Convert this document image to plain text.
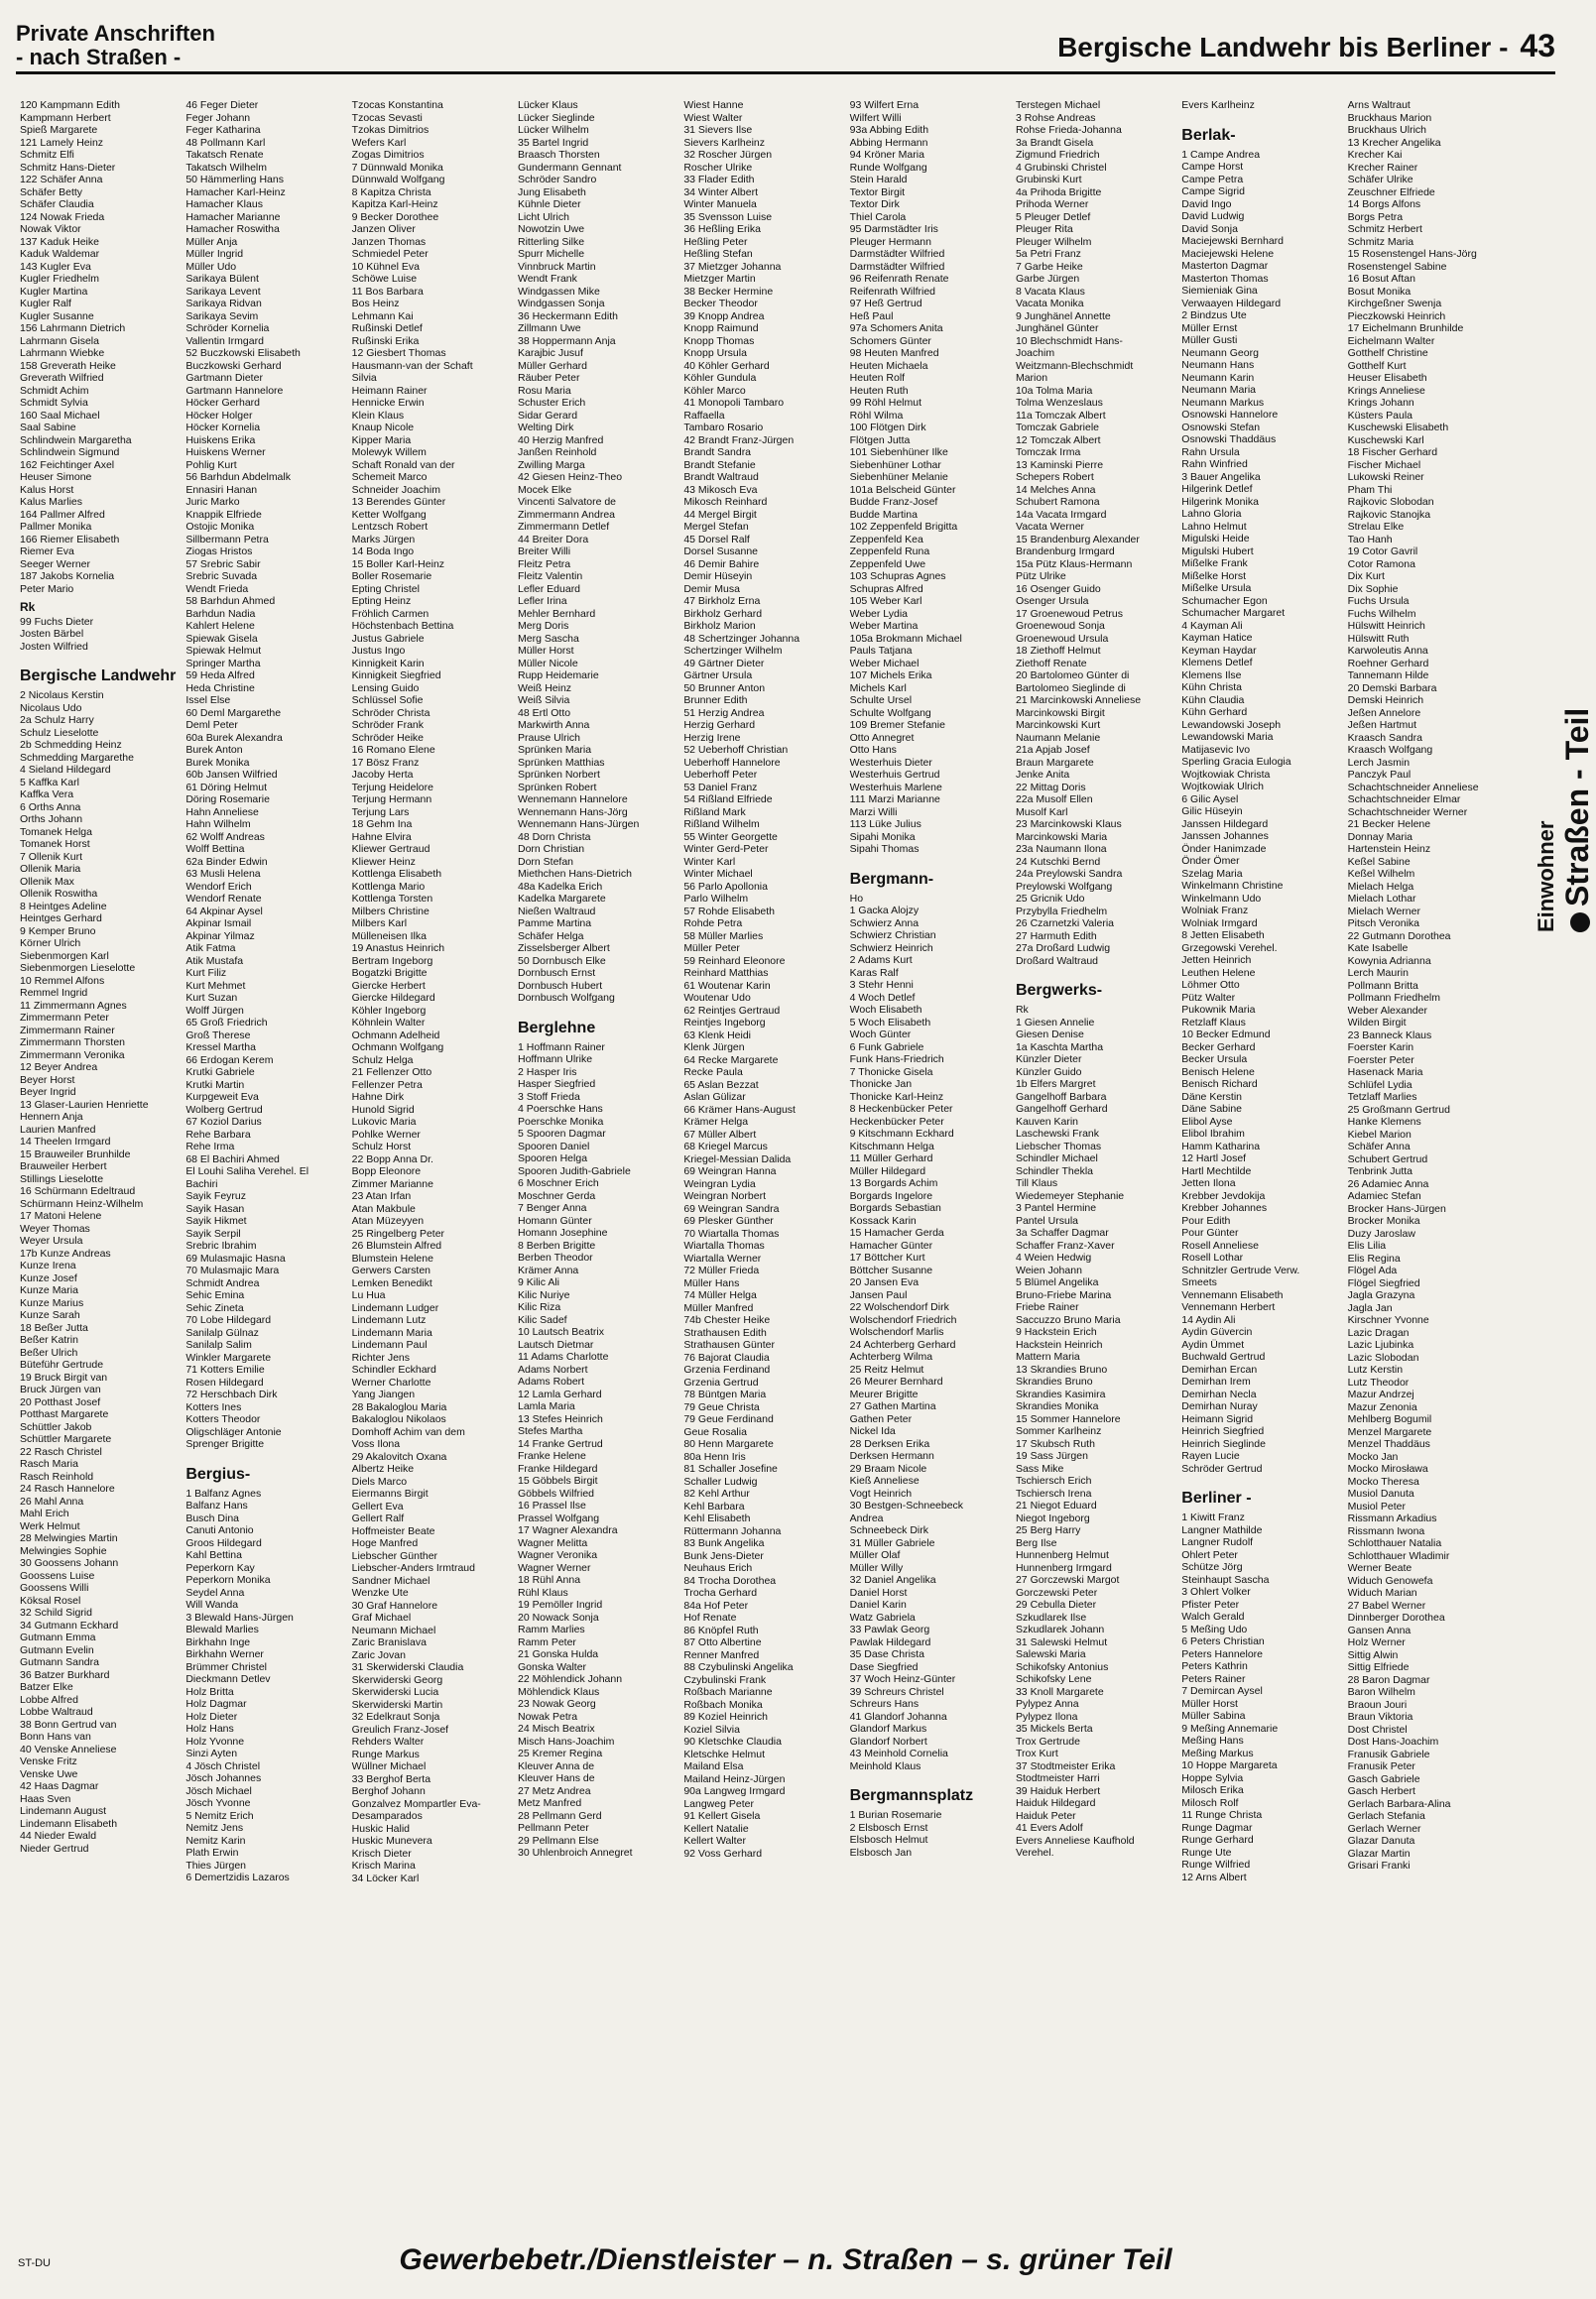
Private Anschriften
- nach Straßen -	Bergische Landwehr bis Berliner - 43
120 Kampmann Edith
Kampmann Herbert
Spieß Margarete
121 Lamely Heinz
Schmitz Elfi
Schmitz Hans-Dieter
122 Schäfer Anna
Schäfer Betty
Schäfer Claudia
124 Nowak Frieda
Nowak Viktor
137 Kaduk Heike
Kaduk Waldemar
143 Kugler Eva
Kugler Friedhelm
Kugler Martina
Kugler Ralf
Kugler Susanne
156 Lahrmann Dietrich
Lahrmann Gisela
Lahrmann Wiebke
158 Greverath Heike
Greverath Wilfried
Schmidt Achim
Schmidt Sylvia
160 Saal Michael
Saal Sabine
Schlindwein Margaretha
Schlindwein Sigmund
162 Feichtinger Axel
Heuser Simone
Kalus Horst
Kalus Marlies
164 Pallmer Alfred
Pallmer Monika
166 Riemer Elisabeth
Riemer Eva
Seeger Werner
187 Jakobs Kornelia
Peter Mario
Rk
99 Fuchs Dieter
Josten Bärbel
Josten Wilfried
Bergische Landwehr
2 Nicolaus Kerstin
Nicolaus Udo
2a Schulz Harry
Schulz Lieselotte
2b Schmedding Heinz
Schmedding Margarethe
4 Sieland Hildegard
5 Kaffka Karl
Kaffka Vera
6 Orths Anna
Orths Johann
Tomanek Helga
Tomanek Horst
7 Ollenik Kurt
Ollenik Maria
Ollenik Max
Ollenik Roswitha
8 Heintges Adeline
Heintges Gerhard
9 Kemper Bruno
Körner Ulrich
Siebenmorgen Karl
Siebenmorgen Lieselotte
10 Remmel Alfons
Remmel Ingrid
11 Zimmermann Agnes
Zimmermann Peter
Zimmermann Rainer
Zimmermann Thorsten
Zimmermann Veronika
12 Beyer Andrea
Beyer Horst
Beyer Ingrid
13 Glaser-Laurien Henriette
Hennern Anja
Laurien Manfred
14 Theelen Irmgard
15 Brauweiler Brunhilde
Brauweiler Herbert
Stillings Lieselotte
16 Schürmann Edeltraud
Schürmann Heinz-Wilhelm
17 Matoni Helene
Weyer Thomas
Weyer Ursula
17b Kunze Andreas
Kunze Irena
Kunze Josef
Kunze Maria
Kunze Marius
Kunze Sarah
18 Beßer Jutta
Beßer Katrin
Beßer Ulrich
Büteführ Gertrude
19 Bruck Birgit van
Bruck Jürgen van
20 Potthast Josef
Potthast Margarete
Schüttler Jakob
Schüttler Margarete
22 Rasch Christel
Rasch Maria
Rasch Reinhold
24 Rasch Hannelore
26 Mahl Anna
Mahl Erich
Werk Helmut
28 Melwingies Martin
Melwingies Sophie
30 Goossens Johann
Goossens Luise
Goossens Willi
Köksal Rosel
32 Schild Sigrid
34 Gutmann Eckhard
Gutmann Emma
Gutmann Evelin
Gutmann Sandra
36 Batzer Burkhard
Batzer Elke
Lobbe Alfred
Lobbe Waltraud
38 Bonn Gertrud van
Bonn Hans van
40 Venske Anneliese
Venske Fritz
Venske Uwe
42 Haas Dagmar
Haas Sven
Lindemann August
Lindemann Elisabeth
44 Nieder Ewald
Nieder Gertrud
46 Feger Dieter
Feger Johann
Feger Katharina
48 Pollmann Karl
Takatsch Renate
Takatsch Wilhelm
50 Hämmerling Hans
Hamacher Karl-Heinz
Hamacher Klaus
Hamacher Marianne
Hamacher Roswitha
Müller Anja
Müller Ingrid
Müller Udo
Sarikaya Bülent
Sarikaya Levent
Sarikaya Ridvan
Sarikaya Sevim
Schröder Kornelia
Vallentin Irmgard
52 Buczkowski Elisabeth
Buczkowski Gerhard
Gartmann Dieter
Gartmann Hannelore
Höcker Gerhard
Höcker Holger
Höcker Kornelia
Huiskens Erika
Huiskens Werner
Pohlig Kurt
56 Barhdun Abdelmalk
Ennasiri Hanan
Juric Marko
Knappik Elfriede
Ostojic Monika
Sillbermann Petra
Ziogas Hristos
57 Srebric Sabir
Srebric Suvada
Wendt Frieda
58 Barhdun Ahmed
Barhdun Nadia
Kahlert Helene
Spiewak Gisela
Spiewak Helmut
Springer Martha
59 Heda Alfred
Heda Christine
Issel Else
60 Deml Margarethe
Deml Peter
60a Burek Alexandra
Burek Anton
Burek Monika
60b Jansen Wilfried
61 Döring Helmut
Döring Rosemarie
Hahn Anneliese
Hahn Wilhelm
62 Wolff Andreas
Wolff Bettina
62a Binder Edwin
63 Musli Helena
Wendorf Erich
Wendorf Renate
64 Akpinar Aysel
Akpinar Ismail
Akpinar Yilmaz
Atik Fatma
Atik Mustafa
Kurt Filiz
Kurt Mehmet
Kurt Suzan
Wolff Jürgen
65 Groß Friedrich
Groß Therese
Kressel Martha
66 Erdogan Kerem
Krutki Gabriele
Krutki Martin
Kurpgeweit Eva
Wolberg Gertrud
67 Koziol Darius
Rehe Barbara
Rehe Irma
68 El Bachiri Ahmed
El Louhi Saliha Verehel. El
Bachiri
Sayik Feyruz
Sayik Hasan
Sayik Hikmet
Sayik Serpil
Srebric Ibrahim
69 Mulasmajic Hasna
70 Mulasmajic Mara
Schmidt Andrea
Sehic Emina
Sehic Zineta
70 Lobe Hildegard
Sanilalp Gülnaz
Sanilalp Salim
Winkler Margarete
71 Kotters Emilie
Rosen Hildegard
72 Herschbach Dirk
Kotters Ines
Kotters Theodor
Oligschläger Antonie
Sprenger Brigitte
Bergius-
1 Balfanz Agnes
Balfanz Hans
Busch Dina
Canuti Antonio
Groos Hildegard
Kahl Bettina
Peperkorn Kay
Peperkorn Monika
Seydel Anna
Will Wanda
3 Blewald Hans-Jürgen
Blewald Marlies
Birkhahn Inge
Birkhahn Werner
Brümmer Christel
Dieckmann Detlev
Holz Britta
Holz Dagmar
Holz Dieter
Holz Hans
Holz Yvonne
Sinzi Ayten
4 Jösch Christel
Jösch Johannes
Jösch Michael
Jösch Yvonne
5 Nemitz Erich
Nemitz Jens
Nemitz Karin
Plath Erwin
Thies Jürgen
6 Demertzidis Lazaros
Tzocas Konstantina
Tzocas Sevasti
Tzokas Dimitrios
Wefers Karl
Zogas Dimitrios
7 Dünnwald Monika
Dünnwald Wolfgang
8 Kapitza Christa
Kapitza Karl-Heinz
9 Becker Dorothee
Janzen Oliver
Janzen Thomas
Schmiedel Peter
10 Kühnel Eva
Schöwe Luise
11 Bos Barbara
Bos Heinz
Lehmann Kai
Rußinski Detlef
Rußinski Erika
12 Giesbert Thomas
Hausmann-van der Schaft
Silvia
Heimann Rainer
Hennicke Erwin
Klein Klaus
Knaup Nicole
Kipper Maria
Molewyk Willem
Schaft Ronald van der
Schemeit Marco
Schneider Joachim
13 Berendes Günter
Ketter Wolfgang
Lentzsch Robert
Marks Jürgen
14 Boda Ingo
15 Boller Karl-Heinz
Boller Rosemarie
Epting Christel
Epting Heinz
Fröhlich Carmen
Höchstenbach Bettina
Justus Gabriele
Justus Ingo
Kinnigkeit Karin
Kinnigkeit Siegfried
Lensing Guido
Schlüssel Sofie
Schröder Christa
Schröder Frank
Schröder Heike
16 Romano Elene
17 Bösz Franz
Jacoby Herta
Terjung Heidelore
Terjung Hermann
Terjung Lars
18 Gehm Ina
Hahne Elvira
Kliewer Gertraud
Kliewer Heinz
Kottlenga Elisabeth
Kottlenga Mario
Kottlenga Torsten
Milbers Christine
Milbers Karl
Mülleneisen Ilka
19 Anastus Heinrich
Bertram Ingeborg
Bogatzki Brigitte
Giercke Herbert
Giercke Hildegard
Köhler Ingeborg
Köhnlein Walter
Ochmann Adelheid
Ochmann Wolfgang
Schulz Helga
21 Fellenzer Otto
Fellenzer Petra
Hahne Dirk
Hunold Sigrid
Lukovic Maria
Pohlke Werner
Schulz Horst
22 Bopp Anna Dr.
Bopp Eleonore
Zimmer Marianne
23 Atan Irfan
Atan Makbule
Atan Müzeyyen
25 Ringelberg Peter
26 Blumstein Alfred
Blumstein Helene
Gerwers Carsten
Lemken Benedikt
Lu Hua
Lindemann Ludger
Lindemann Lutz
Lindemann Maria
Lindemann Paul
Richter Jens
Schindler Eckhard
Werner Charlotte
Yang Jiangen
28 Bakaloglou Maria
Bakaloglou Nikolaos
Domhoff Achim van dem
Voss Ilona
29 Akalovitch Oxana
Albertz Heike
Diels Marco
Eiermanns Birgit
Gellert Eva
Gellert Ralf
Hoffmeister Beate
Hoge Manfred
Liebscher Günther
Liebscher-Anders Irmtraud
Sandner Michael
Wenzke Ute
30 Graf Hannelore
Graf Michael
Neumann Michael
Zaric Branislava
Zaric Jovan
31 Skerwiderski Claudia
Skerwiderski Georg
Skerwiderski Lucia
Skerwiderski Martin
32 Edelkraut Sonja
Greulich Franz-Josef
Rehders Walter
Runge Markus
Wüllner Michael
33 Berghof Berta
Berghof Johann
Gonzalvez Mompartler Eva-
Desamparados
Huskic Halid
Huskic Munevera
Krisch Dieter
Krisch Marina
34 Löcker Karl
Lücker Klaus
Lücker Sieglinde
Lücker Wilhelm
35 Bartel Ingrid
Braasch Thorsten
Gundermann Gennant
Schröder Sandro
Jung Elisabeth
Kühnle Dieter
Licht Ulrich
Nowotzin Uwe
Ritterling Silke
Spurr Michelle
Vinnbruck Martin
Wendt Frank
Windgassen Mike
Windgassen Sonja
36 Heckermann Edith
Zillmann Uwe
38 Hoppermann Anja
Karajbic Jusuf
Müller Gerhard
Räuber Peter
Rosu Maria
Schuster Erich
Sidar Gerard
Welting Dirk
40 Herzig Manfred
Janßen Reinhold
Zwilling Marga
42 Giesen Heinz-Theo
Mocek Elke
Vincenti Salvatore de
Zimmermann Andrea
Zimmermann Detlef
44 Breiter Dora
Breiter Willi
Fleitz Petra
Fleitz Valentin
Lefler Eduard
Lefler Irina
Mehler Bernhard
Merg Doris
Merg Sascha
Müller Horst
Müller Nicole
Rupp Heidemarie
Weiß Heinz
Weiß Silvia
48 Ertl Otto
Markwirth Anna
Prause Ulrich
Sprünken Maria
Sprünken Matthias
Sprünken Norbert
Sprünken Robert
Wennemann Hannelore
Wennemann Hans-Jörg
Wennemann Hans-Jürgen
48 Dorn Christa
Dorn Christian
Dorn Stefan
Miethchen Hans-Dietrich
48a Kadelka Erich
Kadelka Margarete
Nießen Waltraud
Pamme Martina
Schäfer Helga
Zisselsberger Albert
50 Dornbusch Elke
Dornbusch Ernst
Dornbusch Hubert
Dornbusch Wolfgang
Berglehne
1 Hoffmann Rainer
Hoffmann Ulrike
2 Hasper Iris
Hasper Siegfried
3 Stoff Frieda
4 Poerschke Hans
Poerschke Monika
5 Spooren Dagmar
Spooren Daniel
Spooren Helga
Spooren Judith-Gabriele
6 Moschner Erich
Moschner Gerda
7 Benger Anna
Homann Günter
Homann Josephine
8 Berben Brigitte
Berben Theodor
Krämer Anna
9 Kilic Ali
Kilic Nuriye
Kilic Riza
Kilic Sadef
10 Lautsch Beatrix
Lautsch Dietmar
11 Adams Charlotte
Adams Norbert
Adams Robert
12 Lamla Gerhard
Lamla Maria
13 Stefes Heinrich
Stefes Martha
14 Franke Gertrud
Franke Helene
Franke Hildegard
15 Göbbels Birgit
Göbbels Wilfried
16 Prassel Ilse
Prassel Wolfgang
17 Wagner Alexandra
Wagner Melitta
Wagner Veronika
Wagner Werner
18 Rühl Anna
Rühl Klaus
19 Pemöller Ingrid
20 Nowack Sonja
Ramm Marlies
Ramm Peter
21 Gonska Hulda
Gonska Walter
22 Möhlendick Johann
Möhlendick Klaus
23 Nowak Georg
Nowak Petra
24 Misch Beatrix
Misch Hans-Joachim
25 Kremer Regina
Kleuver Anna de
Kleuver Hans de
27 Metz Andrea
Metz Manfred
28 Pellmann Gerd
Pellmann Peter
29 Pellmann Else
30 Uhlenbroich Annegret
Wiest Hanne
Wiest Walter
31 Sievers Ilse
Sievers Karlheinz
32 Roscher Jürgen
Roscher Ulrike
33 Flader Edith
34 Winter Albert
Winter Manuela
35 Svensson Luise
36 Heßling Erika
Heßling Peter
Heßling Stefan
37 Mietzger Johanna
Mietzger Martin
38 Becker Hermine
Becker Theodor
39 Knopp Andrea
Knopp Raimund
Knopp Thomas
Knopp Ursula
40 Köhler Gerhard
Köhler Gundula
Köhler Marco
41 Monopoli Tambaro
Raffaella
Tambaro Rosario
42 Brandt Franz-Jürgen
Brandt Sandra
Brandt Stefanie
Brandt Waltraud
43 Mikosch Eva
Mikosch Reinhard
44 Mergel Birgit
Mergel Stefan
45 Dorsel Ralf
Dorsel Susanne
46 Demir Bahire
Demir Hüseyin
Demir Musa
47 Birkholz Erna
Birkholz Gerhard
Birkholz Marion
48 Schertzinger Johanna
Schertzinger Wilhelm
49 Gärtner Dieter
Gärtner Ursula
50 Brunner Anton
Brunner Edith
51 Herzig Andrea
Herzig Gerhard
Herzig Irene
52 Ueberhoff Christian
Ueberhoff Hannelore
Ueberhoff Peter
53 Daniel Franz
54 Rißland Elfriede
Rißland Mark
Rißland Wilhelm
55 Winter Georgette
Winter Gerd-Peter
Winter Karl
Winter Michael
56 Parlo Apollonia
Parlo Wilhelm
57 Rohde Elisabeth
Rohde Petra
58 Müller Marlies
Müller Peter
59 Reinhard Eleonore
Reinhard Matthias
61 Woutenar Karin
Woutenar Udo
62 Reintjes Gertraud
Reintjes Ingeborg
63 Klenk Heidi
Klenk Jürgen
64 Recke Margarete
Recke Paula
65 Aslan Bezzat
Aslan Gülizar
66 Krämer Hans-August
Krämer Helga
67 Müller Albert
68 Kriegel Marcus
Kriegel-Messian Dalida
69 Weingran Hanna
Weingran Lydia
Weingran Norbert
69 Weingran Sandra
69 Plesker Günther
70 Wiartalla Thomas
Wiartalla Thomas
Wiartalla Werner
72 Müller Frieda
Müller Hans
74 Müller Helga
Müller Manfred
74b Chester Heike
Strathausen Edith
Strathausen Günter
76 Bajorat Claudia
Grzenia Ferdinand
Grzenia Gertrud
78 Büntgen Maria
79 Geue Christa
79 Geue Ferdinand
Geue Rosalia
80 Henn Margarete
80a Henn Iris
81 Schaller Josefine
Schaller Ludwig
82 Kehl Arthur
Kehl Barbara
Kehl Elisabeth
Rüttermann Johanna
83 Bunk Angelika
Bunk Jens-Dieter
Neuhaus Erich
84 Trocha Dorothea
Trocha Gerhard
84a Hof Peter
Hof Renate
86 Knöpfel Ruth
87 Otto Albertine
Renner Manfred
88 Czybulinski Angelika
Czybulinski Frank
Roßbach Marianne
Roßbach Monika
89 Koziel Heinrich
Koziel Silvia
90 Kletschke Claudia
Kletschke Helmut
Mailand Elsa
Mailand Heinz-Jürgen
90a Langweg Irmgard
Langweg Peter
91 Kellert Gisela
Kellert Natalie
Kellert Walter
92 Voss Gerhard
93 Wilfert Erna
Wilfert Willi
93a Abbing Edith
Abbing Hermann
94 Kröner Maria
Runde Wolfgang
Stein Harald
Textor Birgit
Textor Dirk
Thiel Carola
95 Darmstädter Iris
Pleuger Hermann
Darmstädter Wilfried
Darmstädter Wilfried
96 Reifenrath Renate
Reifenrath Wilfried
97 Heß Gertrud
Heß Paul
97a Schomers Anita
Schomers Günter
98 Heuten Manfred
Heuten Michaela
Heuten Rolf
Heuten Ruth
99 Röhl Helmut
Röhl Wilma
100 Flötgen Dirk
Flötgen Jutta
101 Siebenhüner Ilke
Siebenhüner Lothar
Siebenhüner Melanie
101a Belscheid Günter
Budde Franz-Josef
Budde Martina
102 Zeppenfeld Brigitta
Zeppenfeld Kea
Zeppenfeld Runa
Zeppenfeld Uwe
103 Schupras Agnes
Schupras Alfred
105 Weber Karl
Weber Lydia
Weber Martina
105a Brokmann Michael
Pauls Tatjana
Weber Michael
107 Michels Erika
Michels Karl
Schulte Ursel
Schulte Wolfgang
109 Bremer Stefanie
Otto Annegret
Otto Hans
Westerhuis Dieter
Westerhuis Gertrud
Westerhuis Marlene
111 Marzi Marianne
Marzi Willi
113 Lüke Julius
Sipahi Monika
Sipahi Thomas
Bergmann-
Ho
1 Gacka Alojzy
Schwierz Anna
Schwierz Christian
Schwierz Heinrich
2 Adams Kurt
Karas Ralf
3 Stehr Henni
4 Woch Detlef
Woch Elisabeth
5 Woch Elisabeth
Woch Günter
6 Funk Gabriele
Funk Hans-Friedrich
7 Thonicke Gisela
Thonicke Jan
Thonicke Karl-Heinz
8 Heckenbücker Peter
Heckenbücker Peter
9 Kitschmann Eckhard
Kitschmann Helga
11 Müller Gerhard
Müller Hildegard
13 Borgards Achim
Borgards Ingelore
Borgards Sebastian
Kossack Karin
15 Hamacher Gerda
Hamacher Günter
17 Böttcher Kurt
Böttcher Susanne
20 Jansen Eva
Jansen Paul
22 Wolschendorf Dirk
Wolschendorf Friedrich
Wolschendorf Marlis
24 Achterberg Gerhard
Achterberg Wilma
25 Reitz Helmut
26 Meurer Bernhard
Meurer Brigitte
27 Gathen Martina
Gathen Peter
Nickel Ida
28 Derksen Erika
Derksen Hermann
29 Braam Nicole
Kieß Anneliese
Vogt Heinrich
30 Bestgen-Schneebeck
Andrea
Schneebeck Dirk
31 Müller Gabriele
Müller Olaf
Müller Willy
32 Daniel Angelika
Daniel Horst
Daniel Karin
Watz Gabriela
33 Pawlak Georg
Pawlak Hildegard
35 Dase Christa
Dase Siegfried
37 Woch Heinz-Günter
39 Schreurs Christel
Schreurs Hans
41 Glandorf Johanna
Glandorf Markus
Glandorf Norbert
43 Meinhold Cornelia
Meinhold Klaus
Bergmannsplatz
1 Burian Rosemarie
2 Elsbosch Ernst
Elsbosch Helmut
Elsbosch Jan
Terstegen Michael
3 Rohse Andreas
Rohse Frieda-Johanna
3a Brandt Gisela
Zigmund Friedrich
4 Grubinski Christel
Grubinski Kurt
4a Prihoda Brigitte
Prihoda Werner
5 Pleuger Detlef
Pleuger Rita
Pleuger Wilhelm
5a Petri Franz
7 Garbe Heike
Garbe Jürgen
8 Vacata Klaus
Vacata Monika
9 Junghänel Annette
Junghänel Günter
10 Blechschmidt Hans-
Joachim
Weitzmann-Blechschmidt
Marion
10a Tolma Maria
Tolma Wenzeslaus
11a Tomczak Albert
Tomczak Gabriele
12 Tomczak Albert
Tomczak Irma
13 Kaminski Pierre
Schepers Robert
14 Melches Anna
Schubert Ramona
14a Vacata Irmgard
Vacata Werner
15 Brandenburg Alexander
Brandenburg Irmgard
15a Pütz Klaus-Hermann
Pütz Ulrike
16 Osenger Guido
Osenger Ursula
17 Groenewoud Petrus
Groenewoud Sonja
Groenewoud Ursula
18 Ziethoff Helmut
Ziethoff Renate
20 Bartolomeo Günter di
Bartolomeo Sieglinde di
21 Marcinkowski Anneliese
Marcinkowski Birgit
Marcinkowski Kurt
Naumann Melanie
21a Apjab Josef
Braun Margarete
Jenke Anita
22 Mittag Doris
22a Musolf Ellen
Musolf Karl
23 Marcinkowski Klaus
Marcinkowski Maria
23a Naumann Ilona
24 Kutschki Bernd
24a Preylowski Sandra
Preylowski Wolfgang
25 Gricnik Udo
Przybylla Friedhelm
26 Czarnetzki Valeria
27 Harmuth Edith
27a Droßard Ludwig
Droßard Waltraud
Bergwerks-
Rk
1 Giesen Annelie
Giesen Denise
1a Kaschta Martha
Künzler Dieter
Künzler Guido
1b Elfers Margret
Gangelhoff Barbara
Gangelhoff Gerhard
Kauven Karin
Laschewski Frank
Liebscher Thomas
Schindler Michael
Schindler Thekla
Till Klaus
Wiedemeyer Stephanie
3 Pantel Hermine
Pantel Ursula
3a Schaffer Dagmar
Schaffer Franz-Xaver
4 Weien Hedwig
Weien Johann
5 Blümel Angelika
Bruno-Friebe Marina
Friebe Rainer
Saccuzzo Bruno Maria
9 Hackstein Erich
Hackstein Heinrich
Mattern Maria
13 Skrandies Bruno
Skrandies Bruno
Skrandies Kasimira
Skrandies Monika
15 Sommer Hannelore
Sommer Karlheinz
17 Skubsch Ruth
19 Sass Jürgen
Sass Mike
Tschiersch Erich
Tschiersch Irena
21 Niegot Eduard
Niegot Ingeborg
25 Berg Harry
Berg Ilse
Hunnenberg Helmut
Hunnenberg Irmgard
27 Gorczewski Margot
Gorczewski Peter
29 Cebulla Dieter
Szkudlarek Ilse
Szkudlarek Johann
31 Salewski Helmut
Salewski Maria
Schikofsky Antonius
Schikofsky Lene
33 Knoll Margarete
Pylypez Anna
Pylypez Ilona
35 Mickels Berta
Trox Gertrude
Trox Kurt
37 Stodtmeister Erika
Stodtmeister Harri
39 Haiduk Herbert
Haiduk Hildegard
Haiduk Peter
41 Evers Adolf
Evers Anneliese Kaufhold
Verehel.
Evers Karlheinz
Berlak-
1 Campe Andrea
Campe Horst
Campe Petra
Campe Sigrid
David Ingo
David Ludwig
David Sonja
Maciejewski Bernhard
Maciejewski Helene
Masterton Dagmar
Masterton Thomas
Siemieniak Gina
Verwaayen Hildegard
2 Bindzus Ute
Müller Ernst
Müller Gusti
Neumann Georg
Neumann Hans
Neumann Karin
Neumann Maria
Neumann Markus
Osnowski Hannelore
Osnowski Stefan
Osnowski Thaddäus
Rahn Ursula
Rahn Winfried
3 Bauer Angelika
Hilgerink Detlef
Hilgerink Monika
Lahno Gloria
Lahno Helmut
Migulski Heide
Migulski Hubert
Mißelke Frank
Mißelke Horst
Mißelke Ursula
Schumacher Egon
Schumacher Margaret
4 Kayman Ali
Kayman Hatice
Keyman Haydar
Klemens Detlef
Klemens Ilse
Kühn Christa
Kühn Claudia
Kühn Gerhard
Lewandowski Joseph
Lewandowski Maria
Matijasevic Ivo
Sperling Gracia Eulogia
Wojtkowiak Christa
Wojtkowiak Ulrich
6 Gilic Aysel
Gilic Hüseyin
Janssen Hildegard
Janssen Johannes
Önder Hanimzade
Önder Ömer
Szelag Maria
Winkelmann Christine
Winkelmann Udo
Wolniak Franz
Wolniak Irmgard
8 Jetten Elisabeth
Grzegowski Verehel.
Jetten Heinrich
Leuthen Helene
Löhmer Otto
Pütz Walter
Pukownik Maria
Retzlaff Klaus
10 Becker Edmund
Becker Gerhard
Becker Ursula
Benisch Helene
Benisch Richard
Däne Kerstin
Däne Sabine
Elibol Ayse
Elibol Ibrahim
Hamm Katharina
12 Hartl Josef
Hartl Mechtilde
Jetten Ilona
Krebber Jevdokija
Krebber Johannes
Pour Edith
Pour Günter
Rosell Anneliese
Rosell Lothar
Schnitzler Gertrude Verw.
Smeets
Vennemann Elisabeth
Vennemann Herbert
14 Aydin Ali
Aydin Güvercin
Aydin Ümmet
Buchwald Gertrud
Demirhan Ercan
Demirhan Irem
Demirhan Necla
Demirhan Nuray
Heimann Sigrid
Heinrich Siegfried
Heinrich Sieglinde
Rayen Lucie
Schröder Gertrud
Berliner -
1 Kiwitt Franz
Langner Mathilde
Langner Rudolf
Ohlert Peter
Schütze Jörg
Steinhaupt Sascha
3 Ohlert Volker
Pfister Peter
Walch Gerald
5 Meßing Udo
6 Peters Christian
Peters Hannelore
Peters Kathrin
Peters Rainer
7 Demircan Aysel
Müller Horst
Müller Sabina
9 Meßing Annemarie
Meßing Hans
Meßing Markus
10 Hoppe Margareta
Hoppe Sylvia
Milosch Erika
Milosch Rolf
11 Runge Christa
Runge Dagmar
Runge Gerhard
Runge Ute
Runge Wilfried
12 Arns Albert
Arns Waltraut
Bruckhaus Marion
Bruckhaus Ulrich
13 Krecher Angelika
Krecher Kai
Krecher Rainer
Schäfer Ulrike
Zeuschner Elfriede
14 Borgs Alfons
Borgs Petra
Schmitz Herbert
Schmitz Maria
15 Rosenstengel Hans-Jörg
Rosenstengel Sabine
16 Bosut Aftan
Bosut Monika
Kirchgeßner Swenja
Pieczkowski Heinrich
17 Eichelmann Brunhilde
Eichelmann Walter
Gotthelf Christine
Gotthelf Kurt
Heuser Elisabeth
Krings Anneliese
Krings Johann
Küsters Paula
Kuschewski Elisabeth
Kuschewski Karl
18 Fischer Gerhard
Fischer Michael
Lukowski Reiner
Pham Thi
Rajkovic Slobodan
Rajkovic Stanojka
Strelau Elke
Tao Hanh
19 Cotor Gavril
Cotor Ramona
Dix Kurt
Dix Sophie
Fuchs Ursula
Fuchs Wilhelm
Hülswitt Heinrich
Hülswitt Ruth
Karwoleutis Anna
Roehner Gerhard
Tannemann Hilde
20 Demski Barbara
Demski Heinrich
Jeßen Annelore
Jeßen Hartmut
Kraasch Sandra
Kraasch Wolfgang
Lerch Jasmin
Panczyk Paul
Schachtschneider Anneliese
Schachtschneider Elmar
Schachtschneider Werner
21 Becker Helene
Donnay Maria
Hartenstein Heinz
Keßel Sabine
Keßel Wilhelm
Mielach Helga
Mielach Lothar
Mielach Werner
Pitsch Veronika
22 Gutmann Dorothea
Kate Isabelle
Kowynia Adrianna
Lerch Maurin
Pollmann Britta
Pollmann Friedhelm
Weber Alexander
Wilden Birgit
23 Banneck Klaus
Foerster Karin
Foerster Peter
Hasenack Maria
Schlüfel Lydia
Tetzlaff Marlies
25 Großmann Gertrud
Hanke Klemens
Kiebel Marion
Schäfer Anna
Schubert Gertrud
Tenbrink Jutta
26 Adamiec Anna
Adamiec Stefan
Brocker Hans-Jürgen
Brocker Monika
Duzy Jaroslaw
Elis Lilia
Elis Regina
Flögel Ada
Flögel Siegfried
Jagla Grazyna
Jagla Jan
Kirschner Yvonne
Lazic Dragan
Lazic Ljubinka
Lazic Slobodan
Lutz Kerstin
Lutz Theodor
Mazur Andrzej
Mazur Zenonia
Mehlberg Bogumil
Menzel Margarete
Menzel Thaddäus
Mocko Jan
Mocko Mirosława
Mocko Theresa
Musiol Danuta
Musiol Peter
Rissmann Arkadius
Rissmann Iwona
Schlotthauer Natalia
Schlotthauer Wladimir
Werner Beate
Widuch Genowefa
Widuch Marian
27 Babel Werner
Dinnberger Dorothea
Gansen Anna
Holz Werner
Sittig Alwin
Sittig Elfriede
28 Baron Dagmar
Baron Wilhelm
Braoun Jouri
Braun Viktoria
Dost Christel
Dost Hans-Joachim
Franusik Gabriele
Franusik Peter
Gasch Gabriele
Gasch Herbert
Gerlach Barbara-Alina
Gerlach Stefania
Gerlach Werner
Glazar Danuta
Glazar Martin
Grisari Franki
Einwohner Straßen - Teil
ST-DU	Gewerbebetr./Dienstleister – n. Straßen – s. grüner Teil
